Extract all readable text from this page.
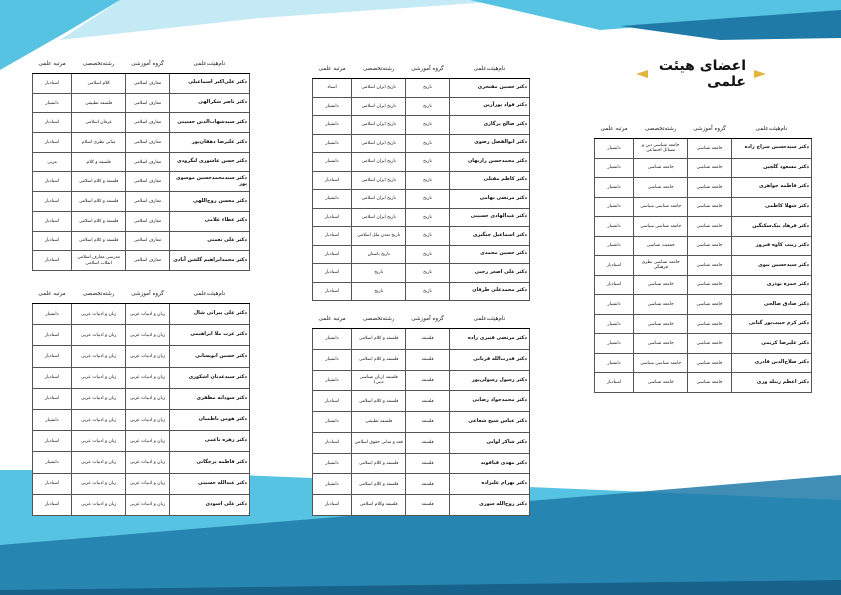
اعضای هیئت علمی
نام‌هیئت‌علمی	گروه آموزشی	رشته‌تخصصی	مرتبه علمی
دکتر علی‌اکبر اسماعیلی	معارف اسلامی	کلام اسلامی	استادیار
دکتر ناصر شکرالهی	معارف اسلامی	فلسفه تطبیقی	دانشیار
دکتر سیدشهاب‌الدین حسینی	معارف اسلامی	عرفان اسلامی	استادیار
دکتر علیرضا دهقان‌پور	معارف اسلامی	مبانی نظری اسلام	استادیار
دکتر حسن عاشوری لنگرودی	معارف اسلامی	فلسفه و کلام	مربی
دکتر سیدمحمدحسین موسوی پور	معارف اسلامی	فلسفه و کلام اسلامی	استادیار
دکتر محسن روح‌اللهی	معارف اسلامی	فلسفه و کلام اسلامی	استادیار
دکتر عطاء غلامی	معارف اسلامی	فلسفه و کلام اسلامی	استادیار
دکتر علی نعمتی	معارف اسلامی	فلسفه و کلام اسلامی	استادیار
دکتر محمدابراهیم گلشن آبادی	معارف اسلامی	مدرسی معارف اسلامی انقلاب اسلامی	استادیار
نام‌هیئت‌علمی	گروه آموزشی	رشته‌تخصصی	مرتبه علمی
دکتر علی پیرانی شال	زبان و ادبیات عربی	زبان و ادبیات عربی	دانشیار
دکتر عزت ملا ابراهیمی	زبان و ادبیات عربی	زبان و ادبیات عربی	استادیار
دکتر حسین ابویسانی	زبان و ادبیات عربی	زبان و ادبیات عربی	استادیار
دکتر سیدعدنان اشکوری	زبان و ادبیات عربی	زبان و ادبیات عربی	استادیار
دکتر سودابه مظفری	زبان و ادبیات عربی	زبان و ادبیات عربی	استادیار
دکتر هومن ناظمیان	زبان و ادبیات عربی	زبان و ادبیات عربی	دانشیار
دکتر زهره ناعمی	زبان و ادبیات عربی	زبان و ادبیات عربی	استادیار
دکتر فاطمه پرچگانی	زبان و ادبیات عربی	زبان و ادبیات عربی	دانشیار
دکتر عبدالله حسینی	زبان و ادبیات عربی	زبان و ادبیات عربی	استادیار
دکتر علی اسودی	زبان و ادبیات عربی	زبان و ادبیات عربی	استادیار
نام‌هیئت‌علمی	گروه آموزشی	رشته‌تخصصی	مرتبه علمی
دکتر حسین مفتخری	تاریخ	تاریخ ایران اسلامی	استاد
دکتر فواد پورآرین	تاریخ	تاریخ ایران اسلامی	دانشیار
دکتر صالح پرگاری	تاریخ	تاریخ ایران اسلامی	دانشیار
دکتر ابوالفضل رضوی	تاریخ	تاریخ ایران اسلامی	دانشیار
دکتر محمدحسن رازنهان	تاریخ	تاریخ ایران اسلامی	دانشیار
دکتر کاظم مقتلی	تاریخ	تاریخ ایران اسلامی	استادیار
دکتر مرتضی نهامی	تاریخ	تاریخ ایران اسلامی	دانشیار
دکتر عبدالهادی حسینی	تاریخ	تاریخ ایران اسلامی	استادیار
دکتر اسماعیل چنگیزی	تاریخ	تاریخ تمدن ملل اسلامی	استادیار
دکتر حسین محمدی	تاریخ	تاریخ باستان	استادیار
دکتر علی اصغر رجبی	تاریخ	تاریخ	استادیار
دکتر محمدعلی طرفان	تاریخ	تاریخ	استادیار
نام‌هیئت‌علمی	گروه آموزشی	رشته‌تخصصی	مرتبه علمی
دکتر مرتضی قنبری زاده	فلسفه	فلسفه و کلام اسلامی	دانشیار
دکتر قدرت‌الله قربانی	فلسفه	فلسفه و کلام اسلامی	دانشیار
دکتر رسول رسولی‌پور	فلسفه	فلسفه (زبان شناسی دینی)	دانشیار
دکتر محمدجواد رضایی	فلسفه	فلسفه و کلام اسلامی	استادیار
دکتر عباس شیخ شعاعی	فلسفه	فلسفه تطبیقی	دانشیار
دکتر شاکر لوایی	فلسفه	فقه و مبانی حقوق اسلامی	استادیار
دکتر مهدی قیاقوند	فلسفه	فلسفه و کلام اسلامی	دانشیار
دکتر بهرام علیزاده	فلسفه	فلسفه و کلام اسلامی	دانشیار
دکتر روح‌الله سوری	فلسفه	فلسفه وکلام اسلامی	استادیار
نام‌هیئت‌علمی	گروه آموزشی	رشته‌تخصصی	مرتبه علمی
دکتر سیدحسین سراج زاده	جامعه شناسی	جامعه شناسی دین و مسائل اجتماعی	دانشیار
دکتر مسعود گلچین	جامعه شناسی	جامعه شناسی	دانشیار
دکتر فاطمه جواهری	جامعه شناسی	جامعه شناسی	دانشیار
دکتر شهلا کاظمی	جامعه شناسی	جامعه شناسی سیاسی	دانشیار
دکتر فرهاد بیک‌سکنگین	جامعه شناسی	جامعه شناسی سیاسی	دانشیار
دکتر زینب کاوه فیروز	جامعه شناسی	جمعیت شناسی	دانشیار
دکتر سیدحسین نبوی	جامعه شناسی	جامعه شناسی نظری فرهنگی	استادیار
دکتر حمزه نوذری	جامعه شناسی	جامعه شناسی	استادیار
دکتر صادق صالحی	جامعه شناسی	جامعه شناسی	دانشیار
دکتر کرم حبیب‌پور گتابی	جامعه شناسی	جامعه شناسی	دانشیار
دکتر علیرضا کریمی	جامعه شناسی	جامعه شناسی	دانشیار
دکتر صلاح‌الدین قادری	جامعه شناسی	جامعه شناسی سیاسی	دانشیار
دکتر اعظم زینله وری	جامعه شناسی	جامعه شناسی	استادیار
